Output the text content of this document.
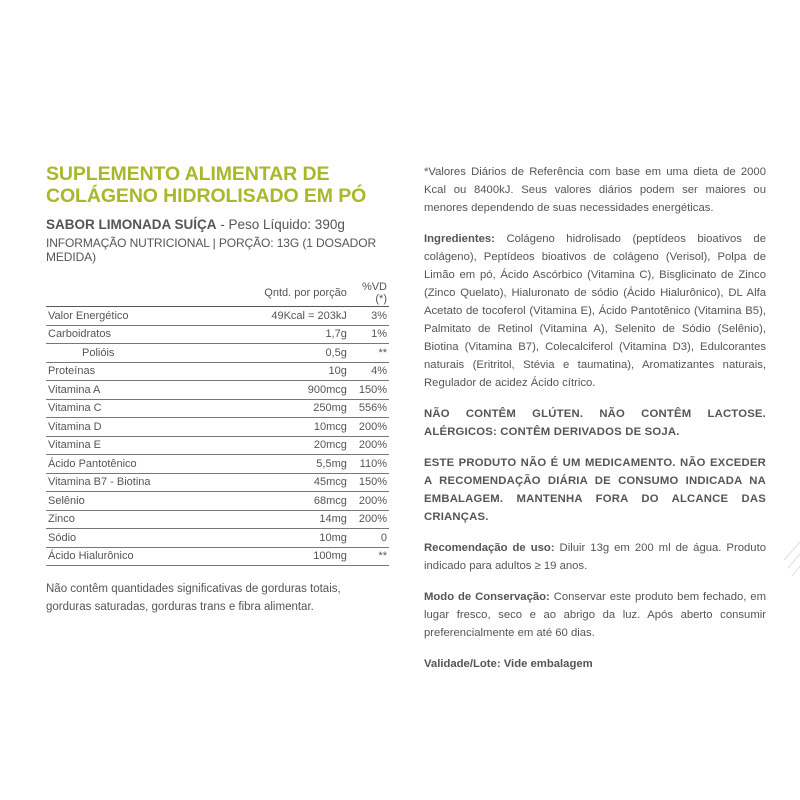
SUPLEMENTO ALIMENTAR DE
COLÁGENO HIDROLISADO EM PÓ
SABOR LIMONADA SUÍÇA - Peso Líquido: 390g
INFORMAÇÃO NUTRICIONAL | PORÇÃO: 13G (1 DOSADOR MEDIDA)
	Qntd. por porção	%VD (*)
Valor Energético	49Kcal = 203kJ	3%
Carboidratos	1,7g	1%
Polióis	0,5g	**
Proteínas	10g	4%
Vitamina A	900mcg	150%
Vitamina C	250mg	556%
Vitamina D	10mcg	200%
Vitamina E	20mcg	200%
Ácido Pantotênico	5,5mg	110%
Vitamina B7 - Biotina	45mcg	150%
Selênio	68mcg	200%
Zinco	14mg	200%
Sódio	10mg	0
Ácido Hialurônico	100mg	**
Não contêm quantidades significativas de gorduras totais, gorduras saturadas, gorduras trans e fibra alimentar.

*Valores Diários de Referência com base em uma dieta de 2000 Kcal ou 8400kJ. Seus valores diários podem ser maiores ou menores dependendo de suas necessidades energéticas.

Ingredientes: Colágeno hidrolisado (peptídeos bioativos de colágeno), Peptídeos bioativos de colágeno (Verisol), Polpa de Limão em pó, Ácido Ascórbico (Vitamina C), Bisglicinato de Zinco (Zinco Quelato), Hialuronato de sódio (Ácido Hialurônico), DL Alfa Acetato de tocoferol (Vitamina E), Ácido Pantotênico (Vitamina B5), Palmitato de Retinol (Vitamina A), Selenito de Sódio (Selênio), Biotina (Vitamina B7), Colecalciferol (Vitamina D3), Edulcorantes naturais (Eritritol, Stévia e taumatina), Aromatizantes naturais, Regulador de acidez Ácido cítrico.

NÃO CONTÊM GLÚTEN. NÃO CONTÊM LACTOSE. ALÉRGICOS: CONTÊM DERIVADOS DE SOJA.

ESTE PRODUTO NÃO É UM MEDICAMENTO. NÃO EXCEDER A RECOMENDAÇÃO DIÁRIA DE CONSUMO INDICADA NA EMBALAGEM. MANTENHA FORA DO ALCANCE DAS CRIANÇAS.

Recomendação de uso: Diluir 13g em 200 ml de água. Produto indicado para adultos ≥ 19 anos.

Modo de Conservação: Conservar este produto bem fechado, em lugar fresco, seco e ao abrigo da luz. Após aberto consumir preferencialmente em até 60 dias.

Validade/Lote: Vide embalagem
